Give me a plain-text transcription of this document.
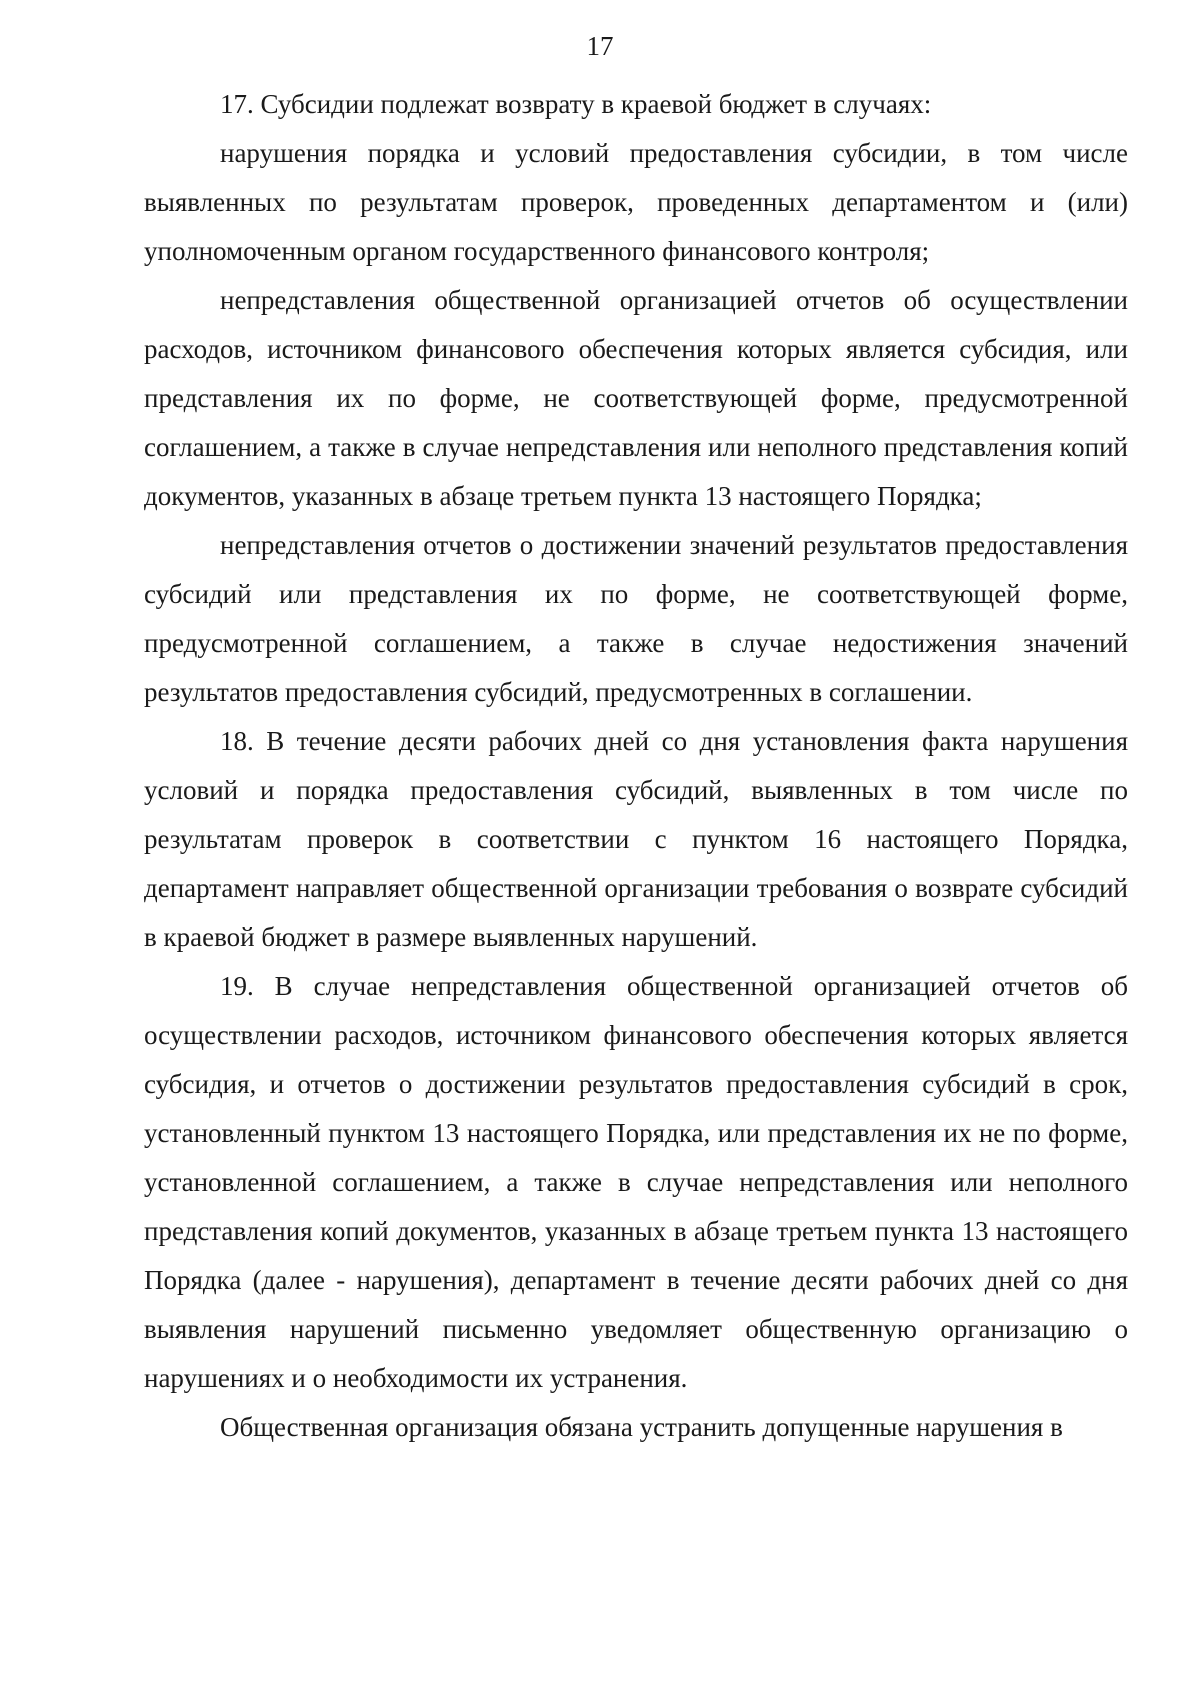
17

17. Субсидии подлежат возврату в краевой бюджет в случаях:

нарушения порядка и условий предоставления субсидии, в том числе выявленных по результатам проверок, проведенных департаментом и (или) уполномоченным органом государственного финансового контроля;

непредставления общественной организацией отчетов об осуществлении расходов, источником финансового обеспечения которых является субсидия, или представления их по форме, не соответствующей форме, предусмотренной соглашением, а также в случае непредставления или неполного представления копий документов, указанных в абзаце третьем пункта 13 настоящего Порядка;

непредставления отчетов о достижении значений результатов предоставления субсидий или представления их по форме, не соответствующей форме, предусмотренной соглашением, а также в случае недостижения значений результатов предоставления субсидий, предусмотренных в соглашении.

18. В течение десяти рабочих дней со дня установления факта нарушения условий и порядка предоставления субсидий, выявленных в том числе по результатам проверок в соответствии с пунктом 16 настоящего Порядка, департамент направляет общественной организации требования о возврате субсидий в краевой бюджет в размере выявленных нарушений.

19. В случае непредставления общественной организацией отчетов об осуществлении расходов, источником финансового обеспечения которых является субсидия, и отчетов о достижении результатов предоставления субсидий в срок, установленный пунктом 13 настоящего Порядка, или представления их не по форме, установленной соглашением, а также в случае непредставления или неполного представления копий документов, указанных в абзаце третьем пункта 13 настоящего Порядка (далее - нарушения), департамент в течение десяти рабочих дней со дня выявления нарушений письменно уведомляет общественную организацию о нарушениях и о необходимости их устранения.

Общественная организация обязана устранить допущенные нарушения в
